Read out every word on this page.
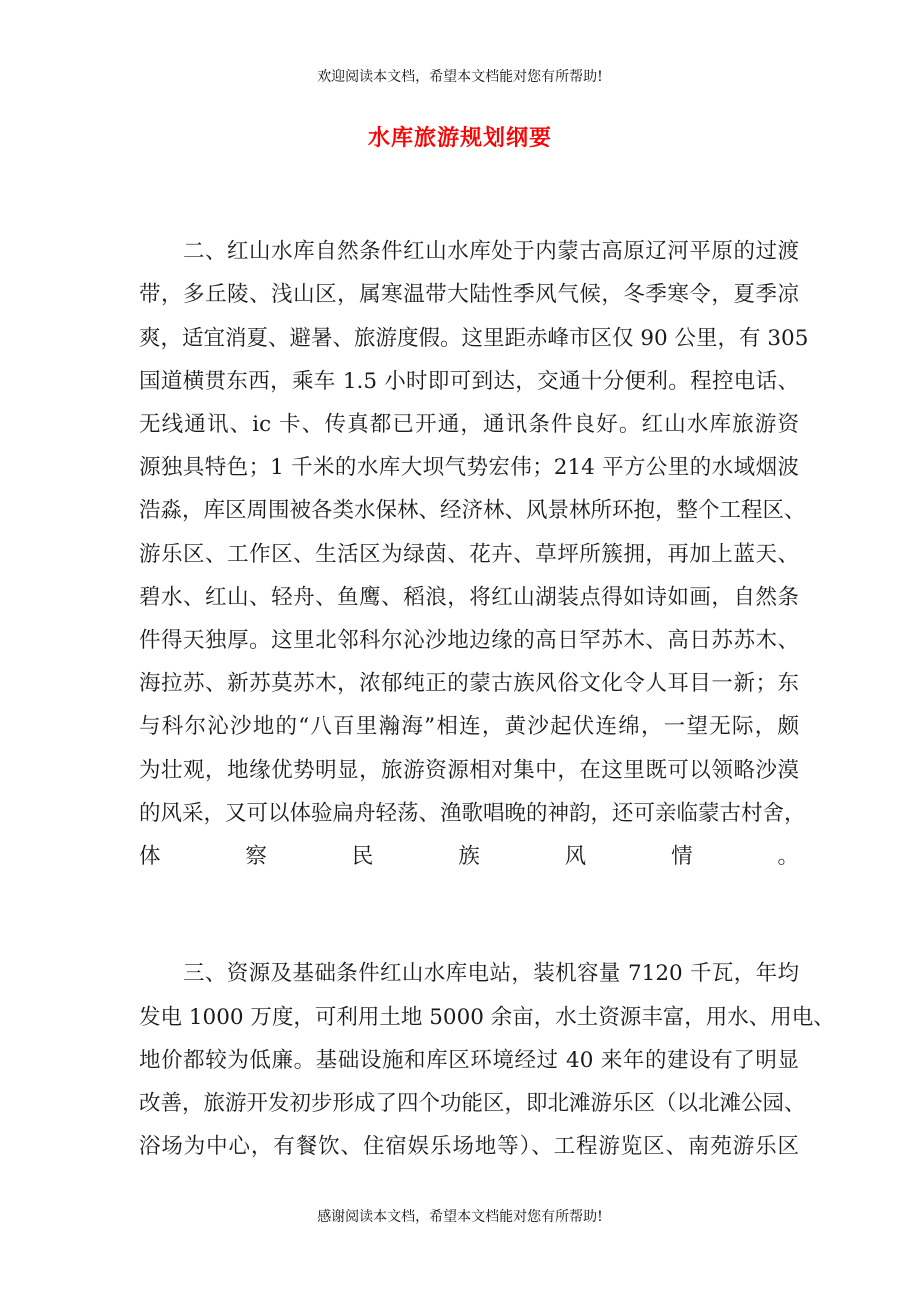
欢迎阅读本文档，希望本文档能对您有所帮助!
水库旅游规划纲要
二、红山水库自然条件红山水库处于内蒙古高原辽河平原的过渡
带，多丘陵、浅山区，属寒温带大陆性季风气候，冬季寒令，夏季凉
爽，适宜消夏、避暑、旅游度假。这里距赤峰市区仅 90 公里，有 305
国道横贯东西，乘车 1.5 小时即可到达，交通十分便利。程控电话、
无线通讯、ic 卡、传真都已开通，通讯条件良好。红山水库旅游资
源独具特色；1 千米的水库大坝气势宏伟；214 平方公里的水域烟波
浩淼，库区周围被各类水保林、经济林、风景林所环抱，整个工程区、
游乐区、工作区、生活区为绿茵、花卉、草坪所簇拥，再加上蓝天、
碧水、红山、轻舟、鱼鹰、稻浪，将红山湖装点得如诗如画，自然条
件得天独厚。这里北邻科尔沁沙地边缘的高日罕苏木、高日苏苏木、
海拉苏、新苏莫苏木，浓郁纯正的蒙古族风俗文化令人耳目一新；东
与科尔沁沙地的“八百里瀚海”相连，黄沙起伏连绵，一望无际，颇
为壮观，地缘优势明显，旅游资源相对集中，在这里既可以领略沙漠
的风采，又可以体验扁舟轻荡、渔歌唱晚的神韵，还可亲临蒙古村舍，
体察民族风情。
三、资源及基础条件红山水库电站，装机容量 7120 千瓦，年均
发电 1000 万度，可利用土地 5000 余亩，水土资源丰富，用水、用电、
地价都较为低廉。基础设施和库区环境经过 40 来年的建设有了明显
改善，旅游开发初步形成了四个功能区，即北滩游乐区（以北滩公园、
浴场为中心，有餐饮、住宿娱乐场地等）、工程游览区、南苑游乐区
感谢阅读本文档，希望本文档能对您有所帮助!
